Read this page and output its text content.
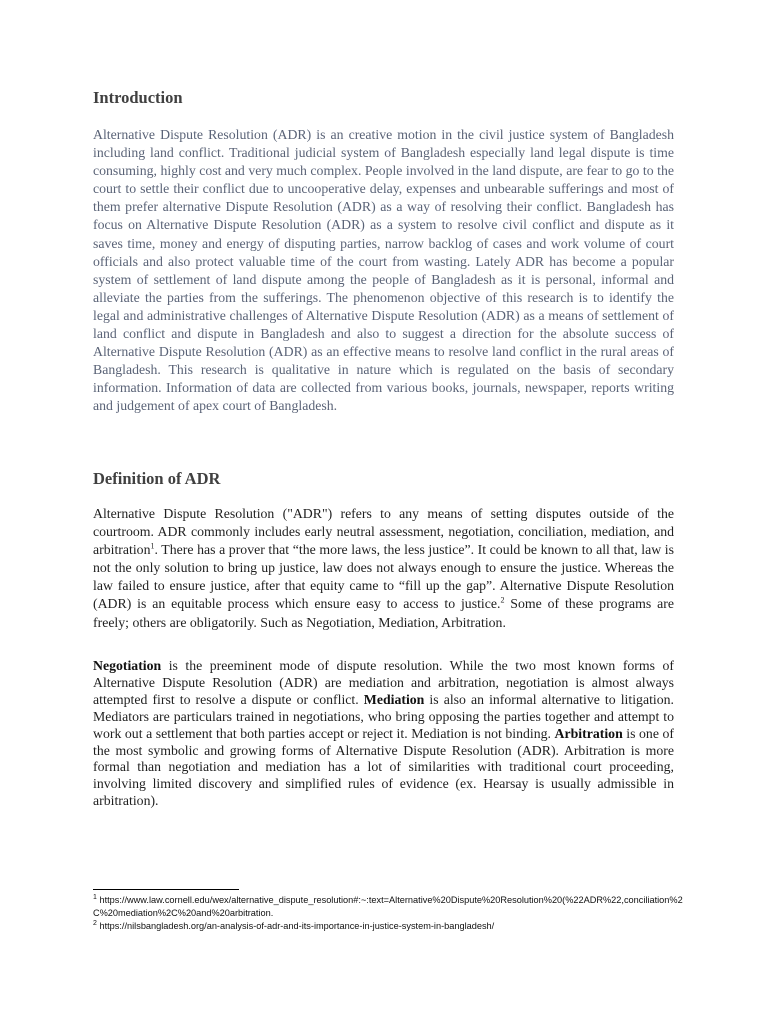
Introduction

Alternative Dispute Resolution (ADR) is an creative motion in the civil justice system of Bangladesh including land conflict. Traditional judicial system of Bangladesh especially land legal dispute is time consuming, highly cost and very much complex. People involved in the land dispute, are fear to go to the court to settle their conflict due to uncooperative delay, expenses and unbearable sufferings and most of them prefer alternative Dispute Resolution (ADR) as a way of resolving their conflict. Bangladesh has focus on Alternative Dispute Resolution (ADR) as a system to resolve civil conflict and dispute as it saves time, money and energy of disputing parties, narrow backlog of cases and work volume of court officials and also protect valuable time of the court from wasting. Lately ADR has become a popular system of settlement of land dispute among the people of Bangladesh as it is personal, informal and alleviate the parties from the sufferings. The phenomenon objective of this research is to identify the legal and administrative challenges of Alternative Dispute Resolution (ADR) as a means of settlement of land conflict and dispute in Bangladesh and also to suggest a direction for the absolute success of Alternative Dispute Resolution (ADR) as an effective means to resolve land conflict in the rural areas of Bangladesh. This research is qualitative in nature which is regulated on the basis of secondary information. Information of data are collected from various books, journals, newspaper, reports writing and judgement of apex court of Bangladesh.

Definition of ADR

Alternative Dispute Resolution ("ADR") refers to any means of setting disputes outside of the courtroom. ADR commonly includes early neutral assessment, negotiation, conciliation, mediation, and arbitration$^1$. There has a prover that “the more laws, the less justice”. It could be known to all that, law is not the only solution to bring up justice, law does not always enough to ensure the justice. Whereas the law failed to ensure justice, after that equity came to “fill up the gap”. Alternative Dispute Resolution (ADR) is an equitable process which ensure easy to access to justice.$^2$ Some of these programs are freely; others are obligatorily. Such as Negotiation, Mediation, Arbitration.

Negotiation is the preeminent mode of dispute resolution. While the two most known forms of Alternative Dispute Resolution (ADR) are mediation and arbitration, negotiation is almost always attempted first to resolve a dispute or conflict. Mediation is also an informal alternative to litigation. Mediators are particulars trained in negotiations, who bring opposing the parties together and attempt to work out a settlement that both parties accept or reject it. Mediation is not binding. Arbitration is one of the most symbolic and growing forms of Alternative Dispute Resolution (ADR). Arbitration is more formal than negotiation and mediation has a lot of similarities with traditional court proceeding, involving limited discovery and simplified rules of evidence (ex. Hearsay is usually admissible in arbitration).

$^1$ https://www.law.cornell.edu/wex/alternative_dispute_resolution#:~:text=Alternative%20Dispute%20Resolution%20(%22ADR%22,conciliation%2C%20mediation%2C%20and%20arbitration.

$^2$ https://nilsbangladesh.org/an-analysis-of-adr-and-its-importance-in-justice-system-in-bangladesh/
